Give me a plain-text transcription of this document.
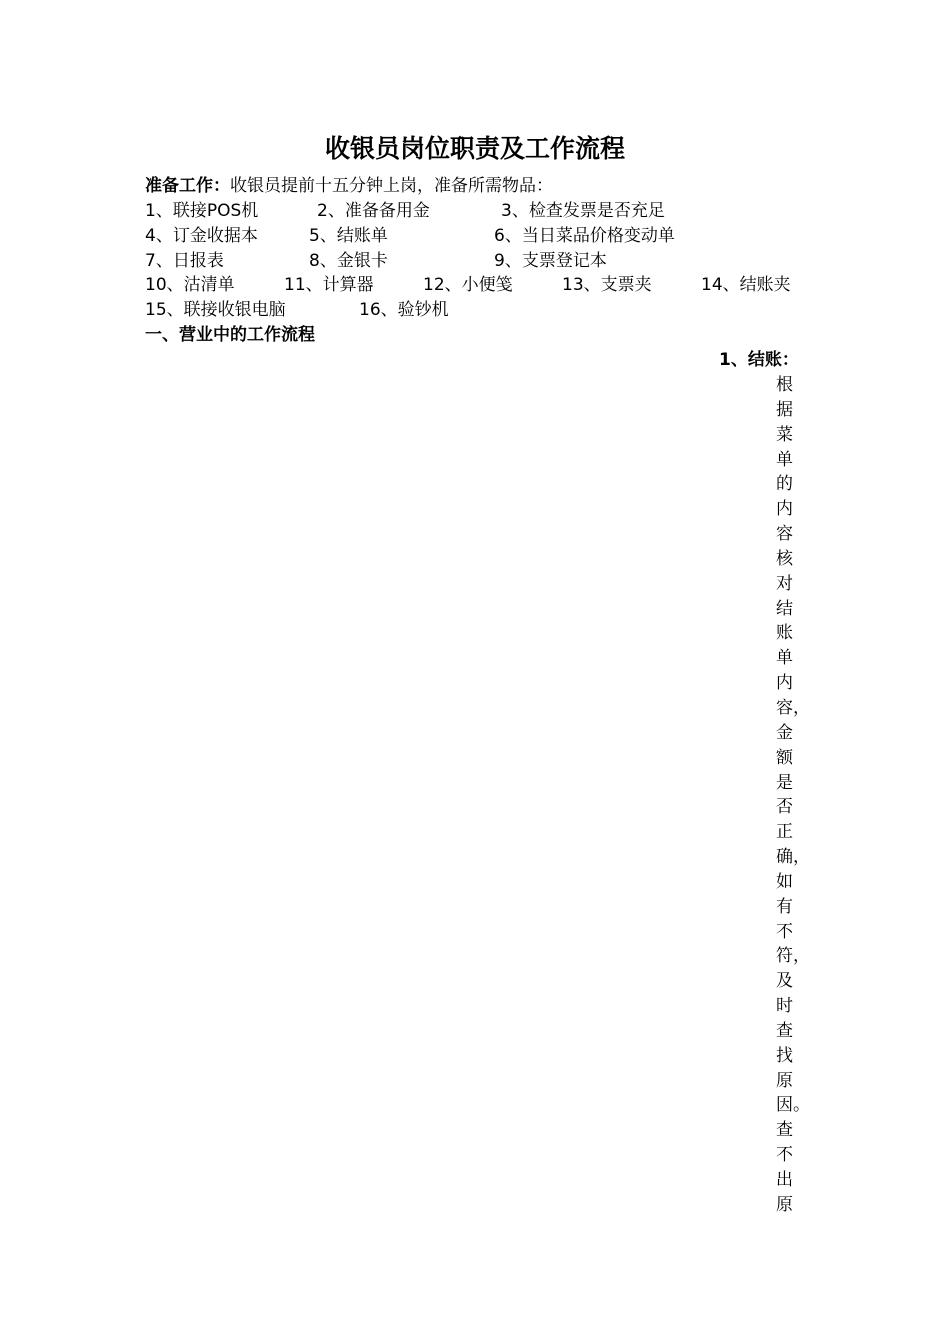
收银员岗位职责及工作流程
准备工作：收银员提前十五分钟上岗，准备所需物品：
1、联接POS机	2、准备备用金	3、检查发票是否充足
4、订金收据本	5、结账单	6、当日菜品价格变动单
7、日报表	8、金银卡	9、支票登记本
10、沽清单	11、计算器	12、小便笺	13、支票夹	14、结账夹
15、联接收银电脑	16、验钞机
一、营业中的工作流程
1、结账：
根
据
菜
单
的
内
容
核
对
结
账
单
内
容，
金
额
是
否
正
确，
如
有
不
符，
及
时
查
找
原
因。
查
不
出
原
